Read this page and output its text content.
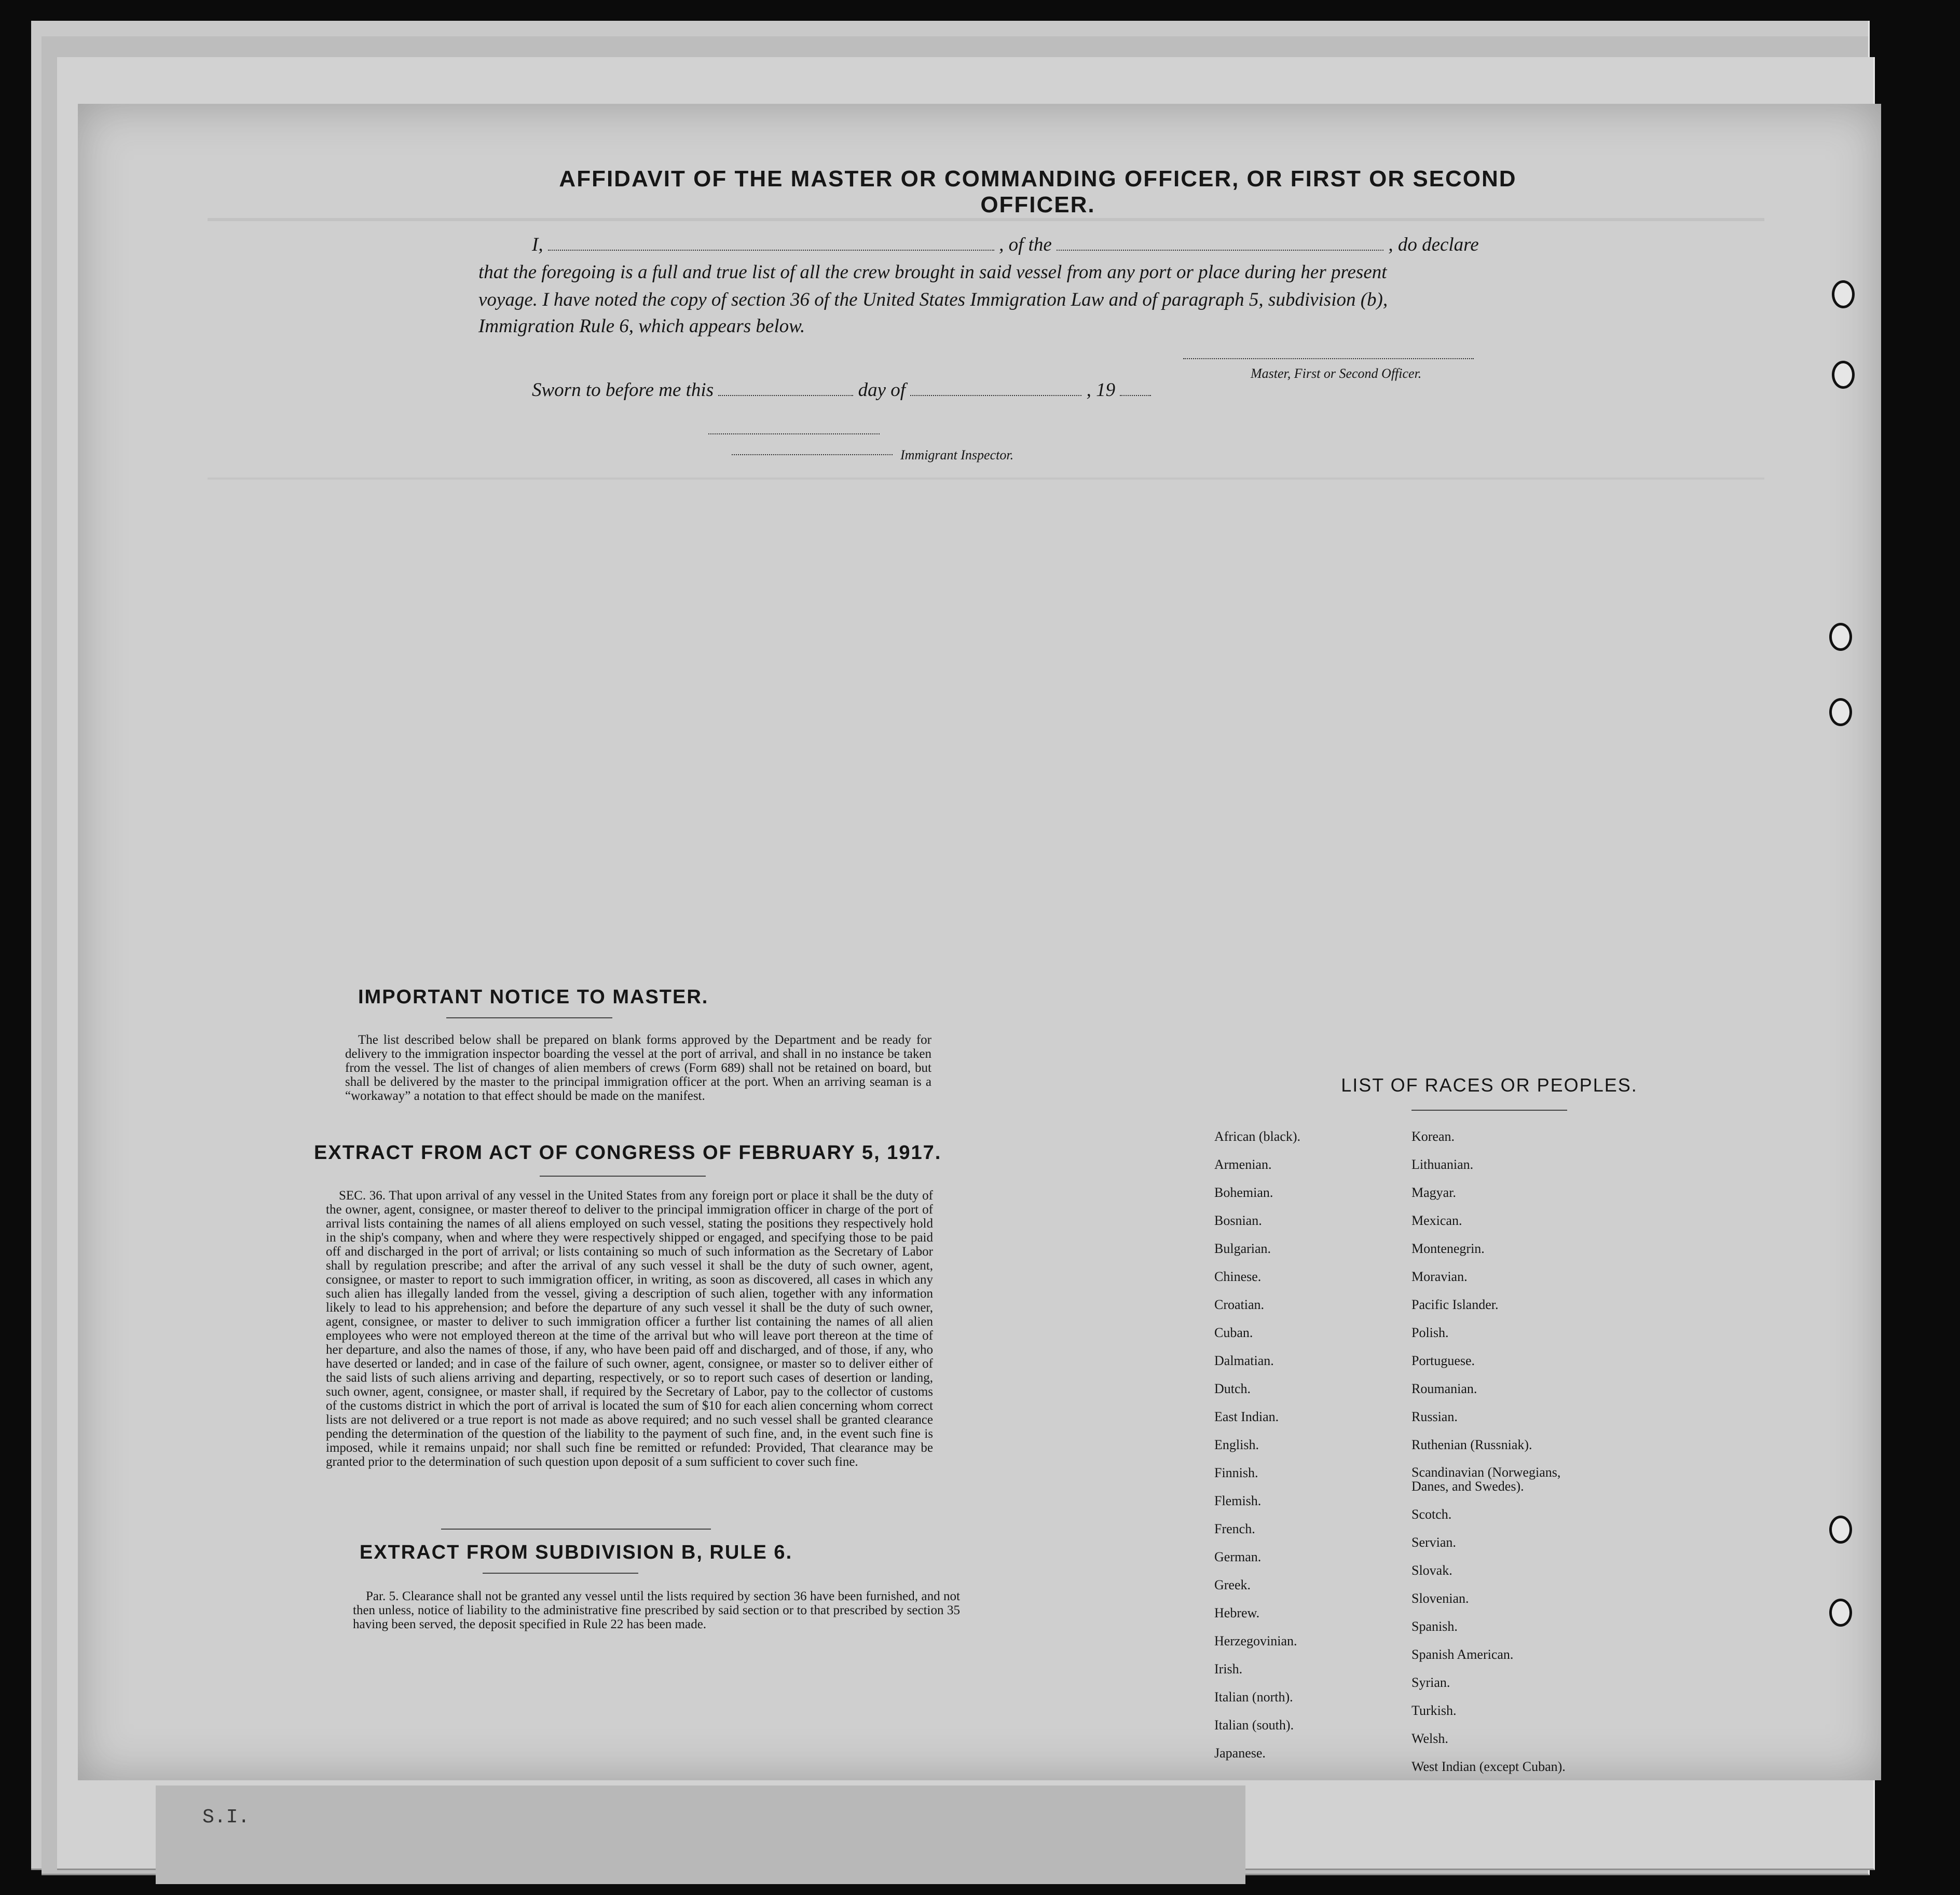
S.I.
AFFIDAVIT OF THE MASTER OR COMMANDING OFFICER, OR FIRST OR SECOND OFFICER.
I,	, of the	, do declare
that the foregoing is a full and true list of all the crew brought in said vessel from any port or place during her present
voyage. I have noted the copy of section 36 of the United States Immigration Law and of paragraph 5, subdivision (b),
Immigration Rule 6, which appears below.
Master, First or Second Officer.
Sworn to before me this	day of	, 19
Immigrant Inspector.
IMPORTANT NOTICE TO MASTER.
The list described below shall be prepared on blank forms approved by the Department and be ready for delivery to the immigration inspector boarding the vessel at the port of arrival, and shall in no instance be taken from the vessel. The list of changes of alien members of crews (Form 689) shall not be retained on board, but shall be delivered by the master to the principal immigration officer at the port. When an arriving seaman is a “workaway” a notation to that effect should be made on the manifest.
EXTRACT FROM ACT OF CONGRESS OF FEBRUARY 5, 1917.
SEC. 36. That upon arrival of any vessel in the United States from any foreign port or place it shall be the duty of the owner, agent, consignee, or master thereof to deliver to the principal immigration officer in charge of the port of arrival lists containing the names of all aliens employed on such vessel, stating the positions they respectively hold in the ship's company, when and where they were respectively shipped or engaged, and specifying those to be paid off and discharged in the port of arrival; or lists containing so much of such information as the Secretary of Labor shall by regulation prescribe; and after the arrival of any such vessel it shall be the duty of such owner, agent, consignee, or master to report to such immigration officer, in writing, as soon as discovered, all cases in which any such alien has illegally landed from the vessel, giving a description of such alien, together with any information likely to lead to his apprehension; and before the departure of any such vessel it shall be the duty of such owner, agent, consignee, or master to deliver to such immigration officer a further list containing the names of all alien employees who were not employed thereon at the time of the arrival but who will leave port thereon at the time of her departure, and also the names of those, if any, who have been paid off and discharged, and of those, if any, who have deserted or landed; and in case of the failure of such owner, agent, consignee, or master so to deliver either of the said lists of such aliens arriving and departing, respectively, or so to report such cases of desertion or landing, such owner, agent, consignee, or master shall, if required by the Secretary of Labor, pay to the collector of customs of the customs district in which the port of arrival is located the sum of $10 for each alien concerning whom correct lists are not delivered or a true report is not made as above required; and no such vessel shall be granted clearance pending the determination of the question of the liability to the payment of such fine, and, in the event such fine is imposed, while it remains unpaid; nor shall such fine be remitted or refunded: Provided, That clearance may be granted prior to the determination of such question upon deposit of a sum sufficient to cover such fine.
EXTRACT FROM SUBDIVISION B, RULE 6.
Par. 5. Clearance shall not be granted any vessel until the lists required by section 36 have been furnished, and not then unless, notice of liability to the administrative fine prescribed by said section or to that prescribed by section 35 having been served, the deposit specified in Rule 22 has been made.
LIST OF RACES OR PEOPLES.
African (black).
Armenian.
Bohemian.
Bosnian.
Bulgarian.
Chinese.
Croatian.
Cuban.
Dalmatian.
Dutch.
East Indian.
English.
Finnish.
Flemish.
French.
German.
Greek.
Hebrew.
Herzegovinian.
Irish.
Italian (north).
Italian (south).
Japanese.
Korean.
Lithuanian.
Magyar.
Mexican.
Montenegrin.
Moravian.
Pacific Islander.
Polish.
Portuguese.
Roumanian.
Russian.
Ruthenian (Russniak).
Scandinavian (Norwegians, Danes, and Swedes).
Scotch.
Servian.
Slovak.
Slovenian.
Spanish.
Spanish American.
Syrian.
Turkish.
Welsh.
West Indian (except Cuban).
